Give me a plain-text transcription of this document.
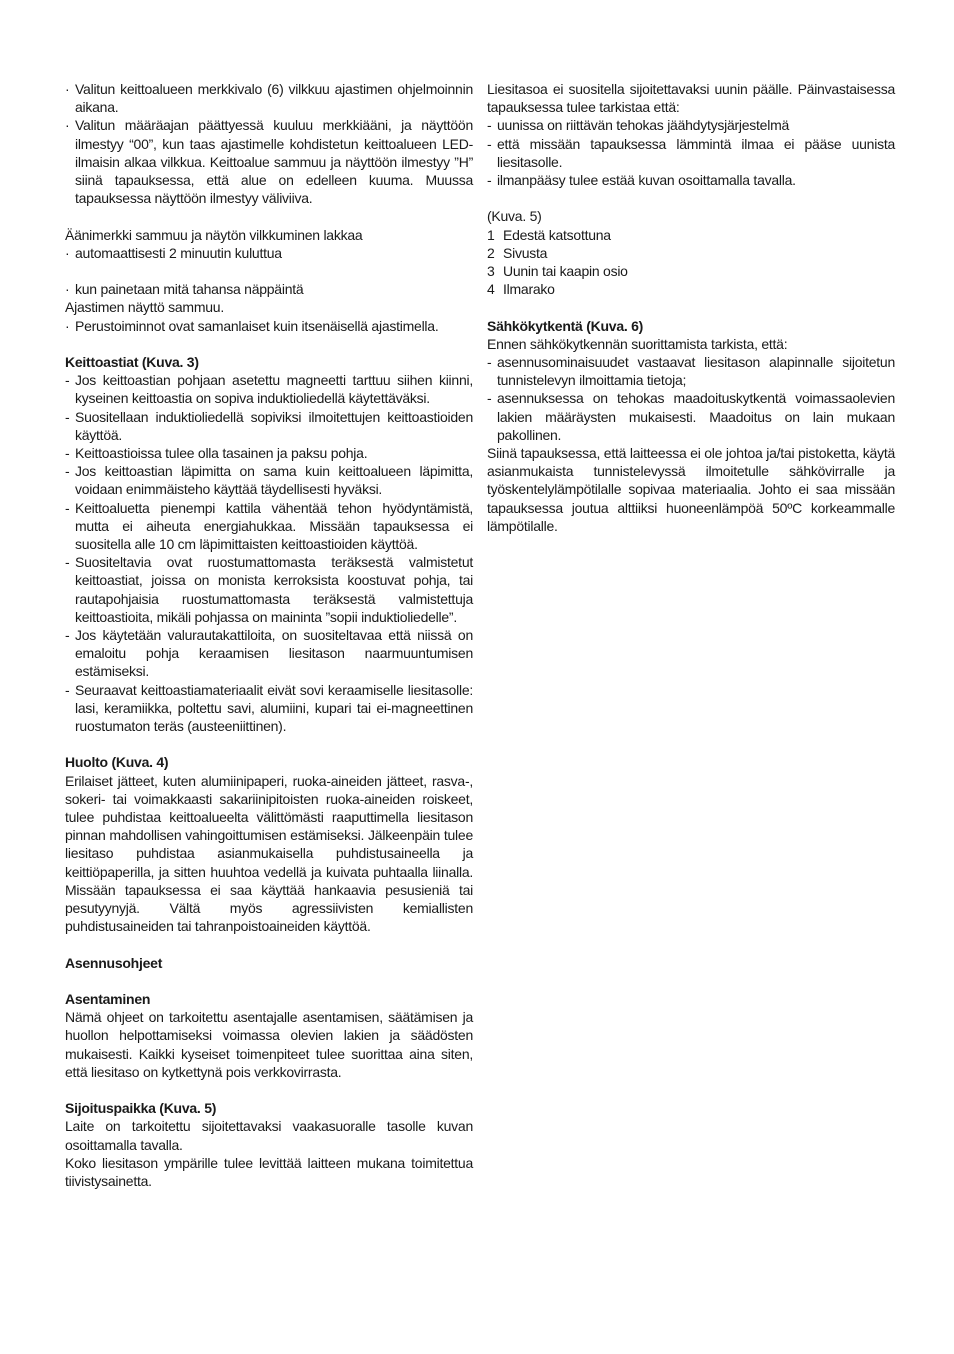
· Valitun keittoalueen merkkivalo (6) vilkkuu ajastimen ohjelmoinnin aikana.
· Valitun määräajan päättyessä kuuluu merkkiääni, ja näyttöön ilmestyy “00”, kun taas ajastimelle kohdistetun keittoalueen LED-ilmaisin alkaa vilkkua. Keittoalue sammuu ja näyttöön ilmestyy ”H” siinä tapauksessa, että alue on edelleen kuuma. Muussa tapauksessa näyttöön ilmestyy väliviiva.

Äänimerkki sammuu ja näytön vilkkuminen lakkaa

· automaattisesti 2 minuutin kuluttua
· kun painetaan mitä tahansa näppäintä

Ajastimen näyttö sammuu.

· Perustoiminnot ovat samanlaiset kuin itsenäisellä ajastimella.
Keittoastiat (Kuva. 3)
- Jos keittoastian pohjaan asetettu magneetti tarttuu siihen kiinni, kyseinen keittoastia on sopiva induktioliedellä käytettäväksi.
- Suositellaan induktioliedellä sopiviksi ilmoitettujen keittoastioiden käyttöä.
- Keittoastioissa tulee olla tasainen ja paksu pohja.
- Jos keittoastian läpimitta on sama kuin keittoalueen läpimitta, voidaan enimmäisteho käyttää täydellisesti hyväksi.
- Keittoaluetta pienempi kattila vähentää tehon hyödyntämistä, mutta ei aiheuta energiahukkaa. Missään tapauksessa ei suositella alle 10 cm läpimittaisten keittoastioiden käyttöä.
- Suositeltavia ovat ruostumattomasta teräksestä valmistetut keittoastiat, joissa on monista kerroksista koostuvat pohja, tai rautapohjaisia ruostumattomasta teräksestä valmistettuja keittoastioita, mikäli pohjassa on maininta ”sopii induktioliedelle”.
- Jos käytetään valurautakattiloita, on suositeltavaa että niissä on emaloitu pohja keraamisen liesitason naarmuuntumisen estämiseksi.
- Seuraavat keittoastiamateriaalit eivät sovi keraamiselle liesitasolle: lasi, keramiikka, poltettu savi, alumiini, kupari tai ei-magneettinen ruostumaton teräs (austeeniittinen).
Huolto (Kuva. 4)

Erilaiset jätteet, kuten alumiinipaperi, ruoka-aineiden jätteet, rasva-, sokeri- tai voimakkaasti sakariinipitoisten ruoka-aineiden roiskeet, tulee puhdistaa keittoalueelta välittömästi raaputtimella liesitason pinnan mahdollisen vahingoittumisen estämiseksi. Jälkeenpäin tulee liesitaso puhdistaa asianmukaisella puhdistusaineella ja keittiöpaperilla, ja sitten huuhtoa vedellä ja kuivata puhtaalla liinalla. Missään tapauksessa ei saa käyttää hankaavia pesusieniä tai pesutyynyjä. Vältä myös agressiivisten kemiallisten puhdistusaineiden tai tahranpoistoaineiden käyttöä.

Asennusohjeet
Asentaminen

Nämä ohjeet on tarkoitettu asentajalle asentamisen, säätämisen ja huollon helpottamiseksi voimassa olevien lakien ja säädösten mukaisesti. Kaikki kyseiset toimenpiteet tulee suorittaa aina siten, että liesitaso on kytkettynä pois verkkovirrasta.

Sijoituspaikka (Kuva. 5)

Laite on tarkoitettu sijoitettavaksi vaakasuoralle tasolle kuvan osoittamalla tavalla.

Koko liesitason ympärille tulee levittää laitteen mukana toimitettua tiivistysainetta.

Liesitasoa ei suositella sijoitettavaksi uunin päälle. Päinvastaisessa tapauksessa tulee tarkistaa että:

- uunissa on riittävän tehokas jäähdytysjärjestelmä
- että missään tapauksessa lämmintä ilmaa ei pääse uunista liesitasolle.
- ilmanpääsy tulee estää kuvan osoittamalla tavalla.
(Kuva. 5)
1 Edestä katsottuna
2 Sivusta
3 Uunin tai kaapin osio
4 Ilmarako
Sähkökytkentä (Kuva. 6)

Ennen sähkökytkennän suorittamista tarkista, että:

- asennusominaisuudet vastaavat liesitason alapinnalle sijoitetun tunnistelevyn ilmoittamia tietoja;
- asennuksessa on tehokas maadoituskytkentä voimassaolevien lakien määräysten mukaisesti. Maadoitus on lain mukaan pakollinen.

Siinä tapauksessa, että laitteessa ei ole johtoa ja/tai pistoketta, käytä asianmukaista tunnistelevyssä ilmoitetulle sähkövirralle ja työskentelylämpötilalle sopivaa materiaalia. Johto ei saa missään tapauksessa joutua alttiiksi huoneenlämpöä 50ºC korkeammalle lämpötilalle.
